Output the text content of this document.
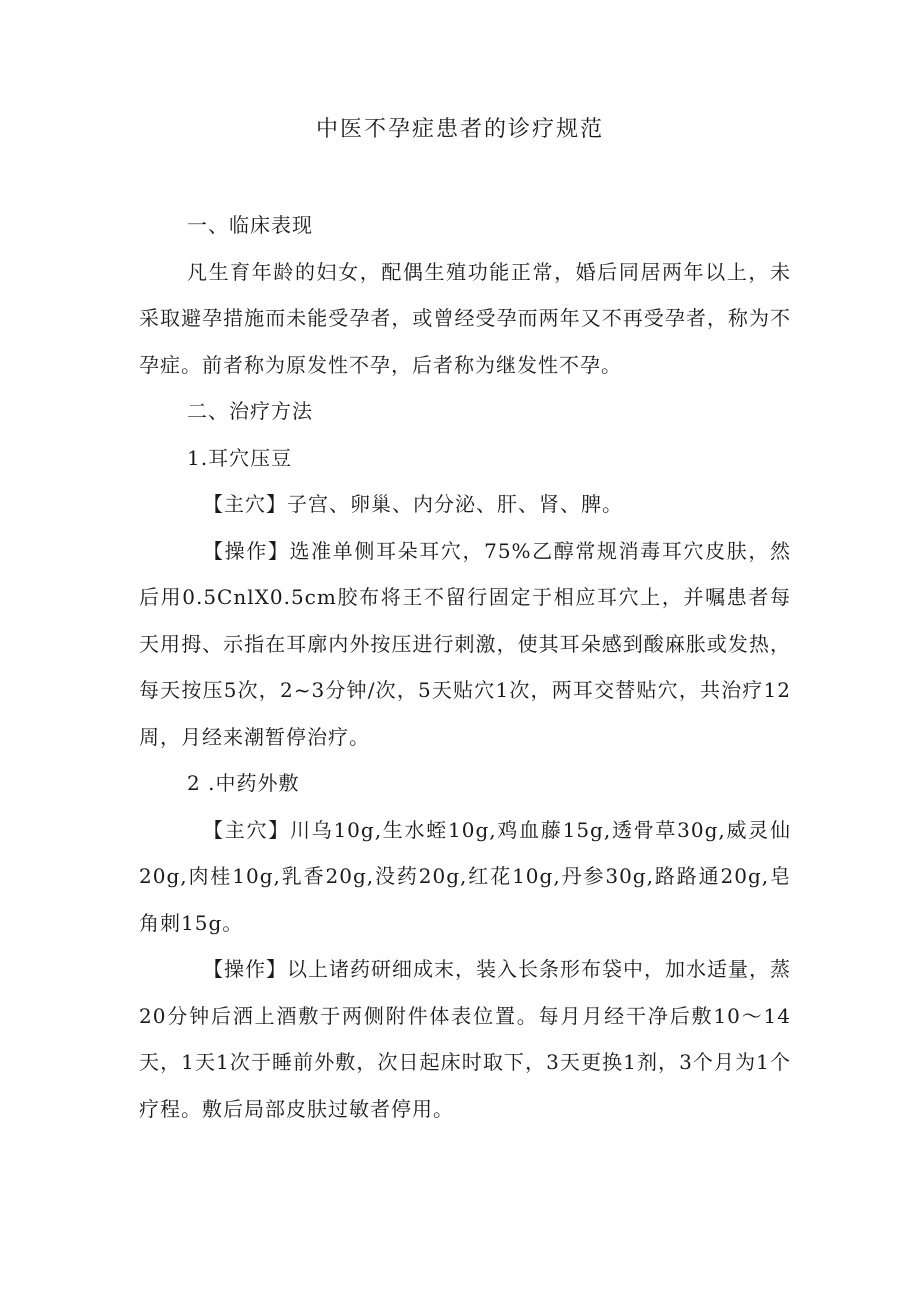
中医不孕症患者的诊疗规范

一、临床表现

凡生育年龄的妇女，配偶生殖功能正常，婚后同居两年以上，未采取避孕措施而未能受孕者，或曾经受孕而两年又不再受孕者，称为不孕症。前者称为原发性不孕，后者称为继发性不孕。

二、治疗方法

1.耳穴压豆

【主穴】子宫、卵巢、内分泌、肝、肾、脾。

【操作】选准单侧耳朵耳穴，75%乙醇常规消毒耳穴皮肤，然后用0.5CnlX0.5cm胶布将王不留行固定于相应耳穴上，并嘱患者每天用拇、示指在耳廓内外按压进行刺激，使其耳朵感到酸麻胀或发热，每天按压5次，2~3分钟/次，5天贴穴1次，两耳交替贴穴，共治疗12周，月经来潮暂停治疗。

2 .中药外敷

【主穴】川乌10g,生水蛭10g,鸡血藤15g,透骨草30g,威灵仙20g,肉桂10g,乳香20g,没药20g,红花10g,丹参30g,路路通20g,皂角刺15g。

【操作】以上诸药研细成末，装入长条形布袋中，加水适量，蒸20分钟后洒上酒敷于两侧附件体表位置。每月月经干净后敷10～14天，1天1次于睡前外敷，次日起床时取下，3天更换1剂，3个月为1个疗程。敷后局部皮肤过敏者停用。
